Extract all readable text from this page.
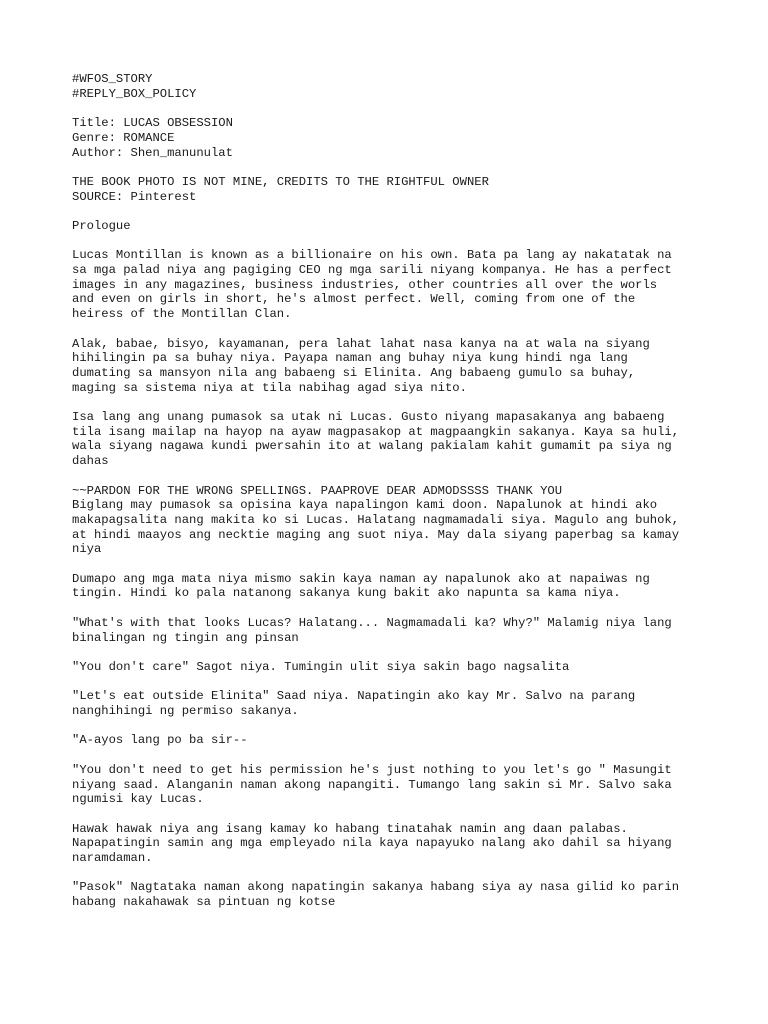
#WFOS_STORY
#REPLY_BOX_POLICY
Title: LUCAS OBSESSION
Genre: ROMANCE
Author: Shen_manunulat
THE BOOK PHOTO IS NOT MINE, CREDITS TO THE RIGHTFUL OWNER
SOURCE: Pinterest
Prologue
Lucas Montillan is known as a billionaire on his own. Bata pa lang ay nakatatak na
sa mga palad niya ang pagiging CEO ng mga sarili niyang kompanya. He has a perfect
images in any magazines, business industries, other countries all over the worls
and even on girls in short, he's almost perfect. Well, coming from one of the
heiress of the Montillan Clan.
Alak, babae, bisyo, kayamanan, pera lahat lahat nasa kanya na at wala na siyang
hihilingin pa sa buhay niya. Payapa naman ang buhay niya kung hindi nga lang
dumating sa mansyon nila ang babaeng si Elinita. Ang babaeng gumulo sa buhay,
maging sa sistema niya at tila nabihag agad siya nito.
Isa lang ang unang pumasok sa utak ni Lucas. Gusto niyang mapasakanya ang babaeng
tila isang mailap na hayop na ayaw magpasakop at magpaangkin sakanya. Kaya sa huli,
wala siyang nagawa kundi pwersahin ito at walang pakialam kahit gumamit pa siya ng
dahas
~~PARDON FOR THE WRONG SPELLINGS. PAAPROVE DEAR ADMODSSSS THANK YOU
Biglang may pumasok sa opisina kaya napalingon kami doon. Napalunok at hindi ako
makapagsalita nang makita ko si Lucas. Halatang nagmamadali siya. Magulo ang buhok,
at hindi maayos ang necktie maging ang suot niya. May dala siyang paperbag sa kamay
niya
Dumapo ang mga mata niya mismo sakin kaya naman ay napalunok ako at napaiwas ng
tingin. Hindi ko pala natanong sakanya kung bakit ako napunta sa kama niya.
"What's with that looks Lucas? Halatang... Nagmamadali ka? Why?" Malamig niya lang
binalingan ng tingin ang pinsan
"You don't care" Sagot niya. Tumingin ulit siya sakin bago nagsalita
"Let's eat outside Elinita" Saad niya. Napatingin ako kay Mr. Salvo na parang
nanghihingi ng permiso sakanya.
"A-ayos lang po ba sir--
"You don't need to get his permission he's just nothing to you let's go " Masungit
niyang saad. Alanganin naman akong napangiti. Tumango lang sakin si Mr. Salvo saka
ngumisi kay Lucas.
Hawak hawak niya ang isang kamay ko habang tinatahak namin ang daan palabas.
Napapatingin samin ang mga empleyado nila kaya napayuko nalang ako dahil sa hiyang
naramdaman.
"Pasok" Nagtataka naman akong napatingin sakanya habang siya ay nasa gilid ko parin
habang nakahawak sa pintuan ng kotse
